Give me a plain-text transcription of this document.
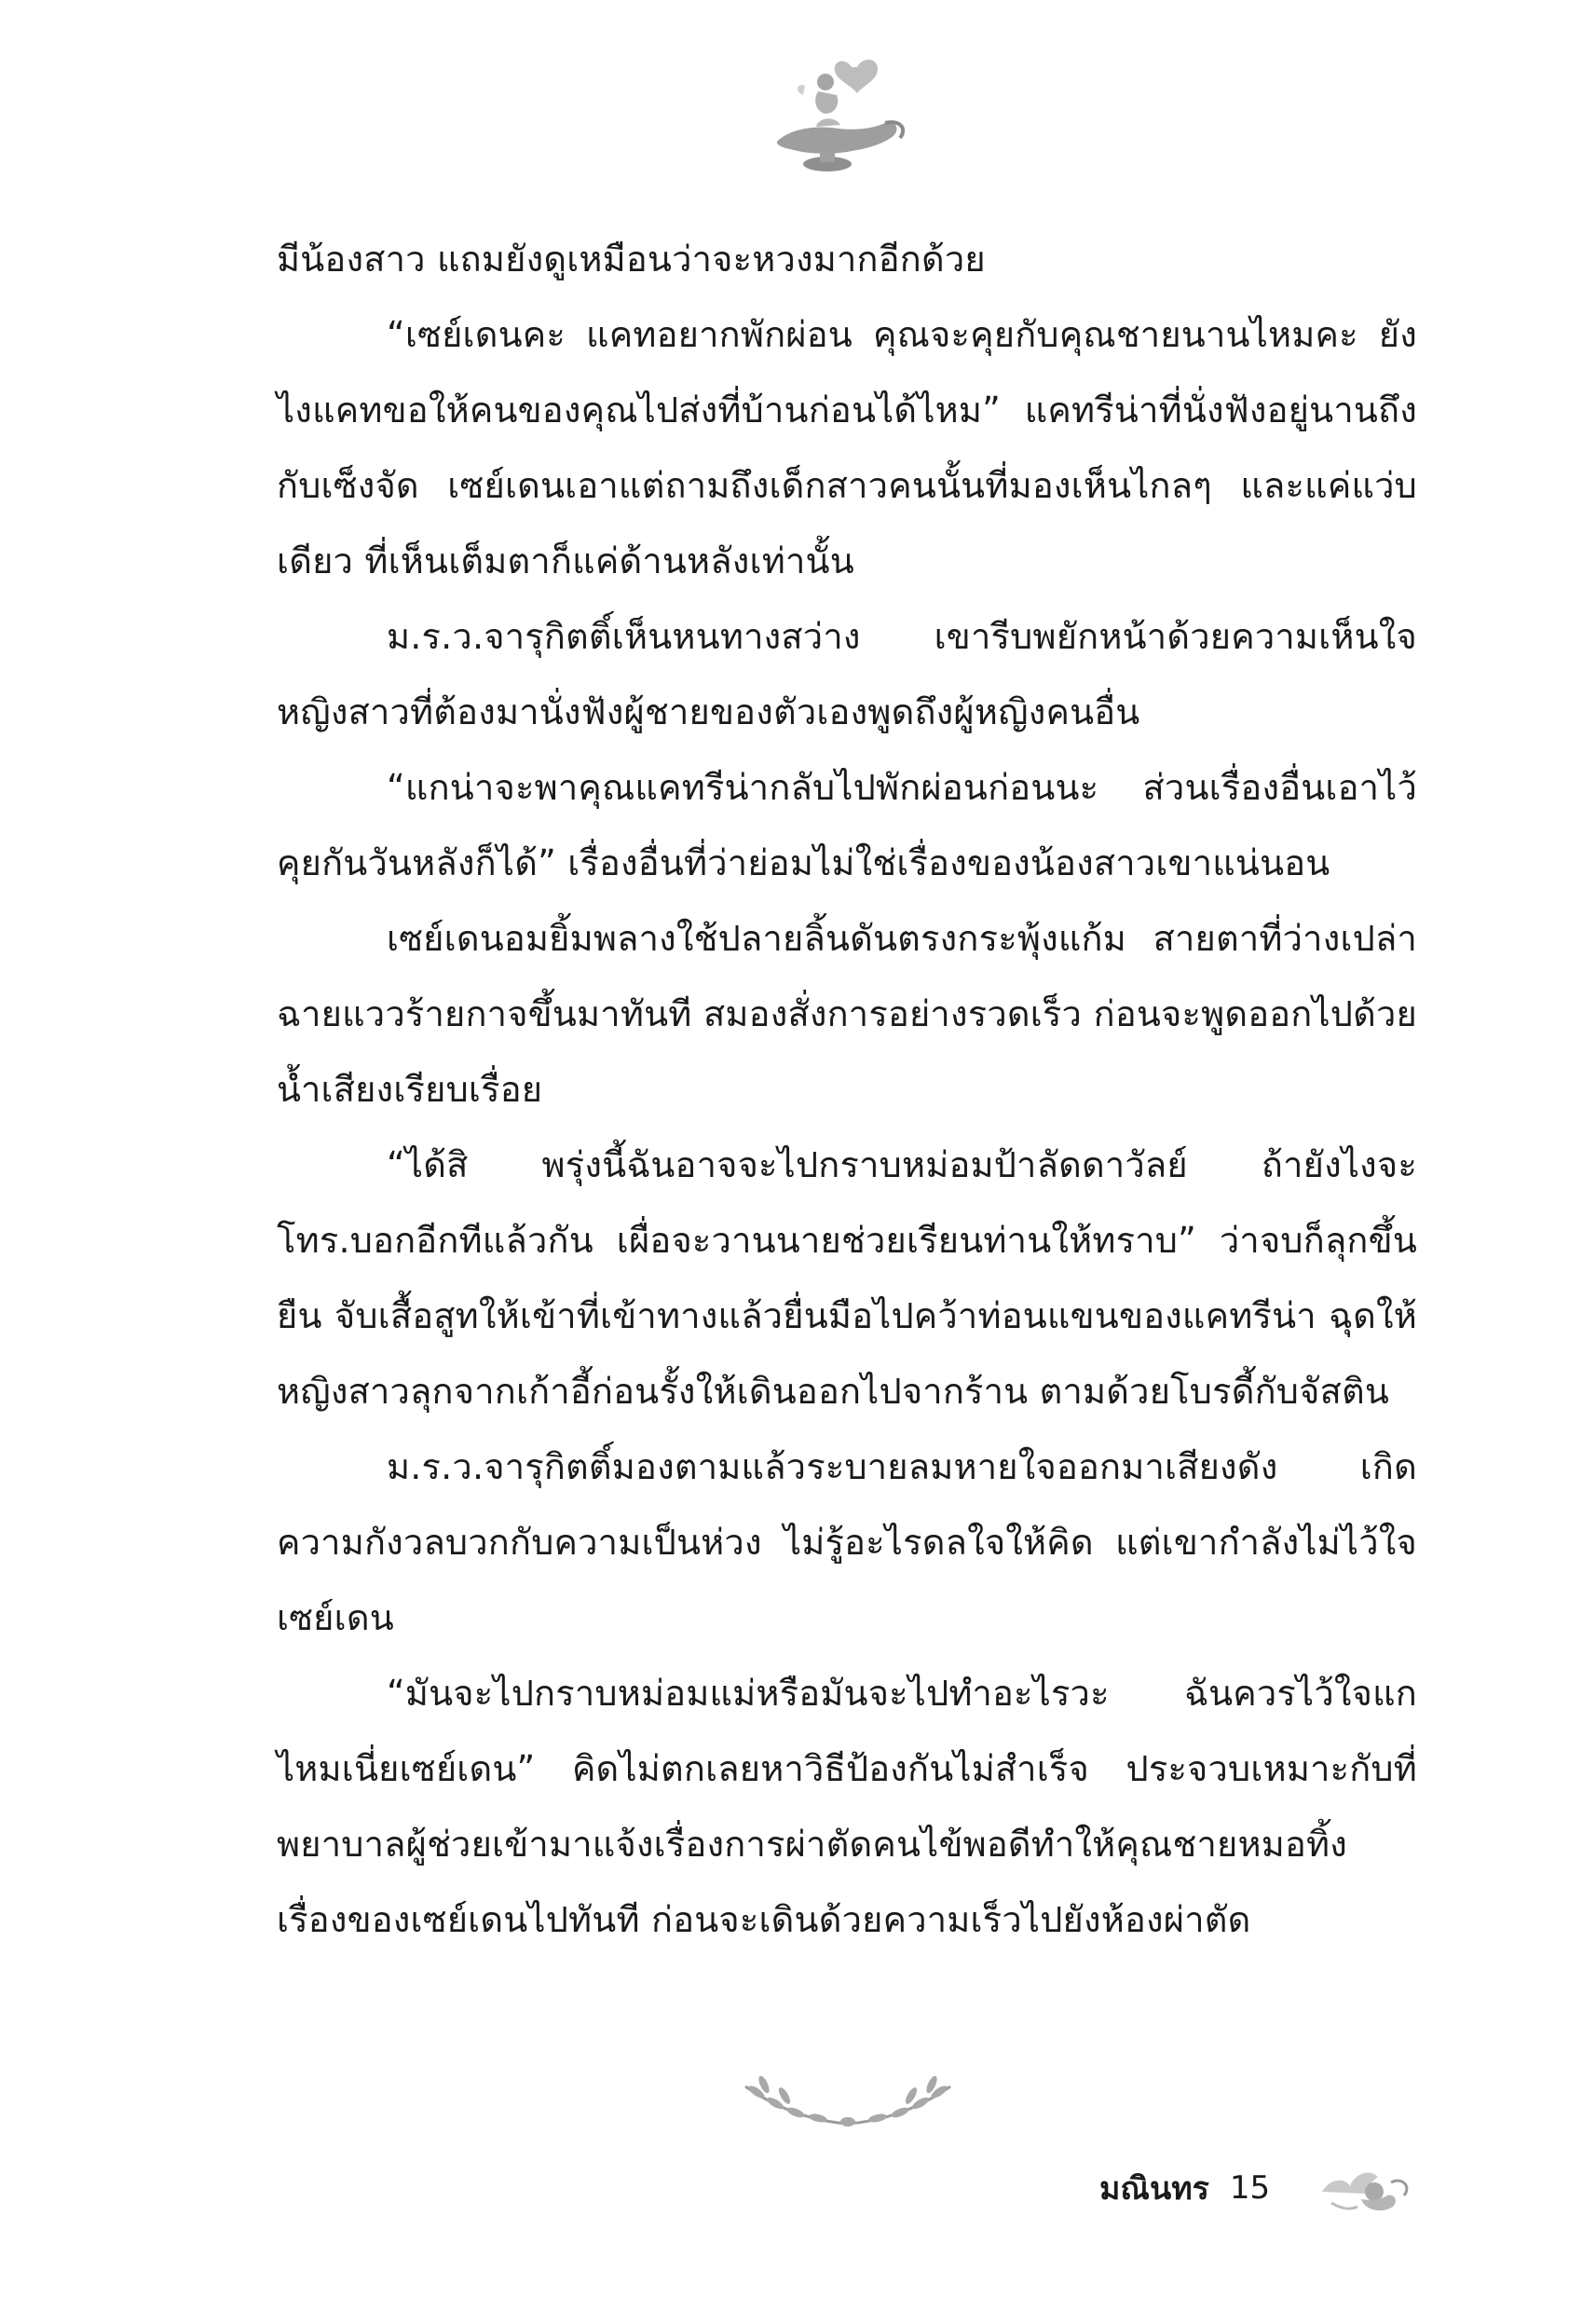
มีน้องสาว แถมยังดูเหมือนว่าจะหวงมากอีกด้วย

“เซย์เดนคะ แคทอยากพักผ่อน คุณจะคุยกับคุณชายนานไหมคะ ยังไงแคทขอให้คนของคุณไปส่งที่บ้านก่อนได้ไหม” แคทรีน่าที่นั่งฟังอยู่นานถึงกับเซ็งจัด เซย์เดนเอาแต่ถามถึงเด็กสาวคนนั้นที่มองเห็นไกลๆ และแค่แว่บเดียว ที่เห็นเต็มตาก็แค่ด้านหลังเท่านั้น

ม.ร.ว.จารุกิตติ์เห็นหนทางสว่าง เขารีบพยักหน้าด้วยความเห็นใจหญิงสาวที่ต้องมานั่งฟังผู้ชายของตัวเองพูดถึงผู้หญิงคนอื่น

“แกน่าจะพาคุณแคทรีน่ากลับไปพักผ่อนก่อนนะ ส่วนเรื่องอื่นเอาไว้คุยกันวันหลังก็ได้” เรื่องอื่นที่ว่าย่อมไม่ใช่เรื่องของน้องสาวเขาแน่นอน

เซย์เดนอมยิ้มพลางใช้ปลายลิ้นดันตรงกระพุ้งแก้ม สายตาที่ว่างเปล่าฉายแววร้ายกาจขึ้นมาทันที สมองสั่งการอย่างรวดเร็ว ก่อนจะพูดออกไปด้วยน้ำเสียงเรียบเรื่อย

“ได้สิ พรุ่งนี้ฉันอาจจะไปกราบหม่อมป้าลัดดาวัลย์ ถ้ายังไงจะโทร.บอกอีกทีแล้วกัน เผื่อจะวานนายช่วยเรียนท่านให้ทราบ” ว่าจบก็ลุกขึ้นยืน จับเสื้อสูทให้เข้าที่เข้าทางแล้วยื่นมือไปคว้าท่อนแขนของแคทรีน่า ฉุดให้หญิงสาวลุกจากเก้าอี้ก่อนรั้งให้เดินออกไปจากร้าน ตามด้วยโบรดี้กับจัสติน

ม.ร.ว.จารุกิตติ์มองตามแล้วระบายลมหายใจออกมาเสียงดัง เกิดความกังวลบวกกับความเป็นห่วง ไม่รู้อะไรดลใจให้คิด แต่เขากำลังไม่ไว้ใจเซย์เดน

“มันจะไปกราบหม่อมแม่หรือมันจะไปทำอะไรวะ ฉันควรไว้ใจแกไหมเนี่ยเซย์เดน” คิดไม่ตกเลยหาวิธีป้องกันไม่สำเร็จ ประจวบเหมาะกับที่พยาบาลผู้ช่วยเข้ามาแจ้งเรื่องการผ่าตัดคนไข้พอดีทำให้คุณชายหมอทิ้งเรื่องของเซย์เดนไปทันที ก่อนจะเดินด้วยความเร็วไปยังห้องผ่าตัด

มณินทร 15
